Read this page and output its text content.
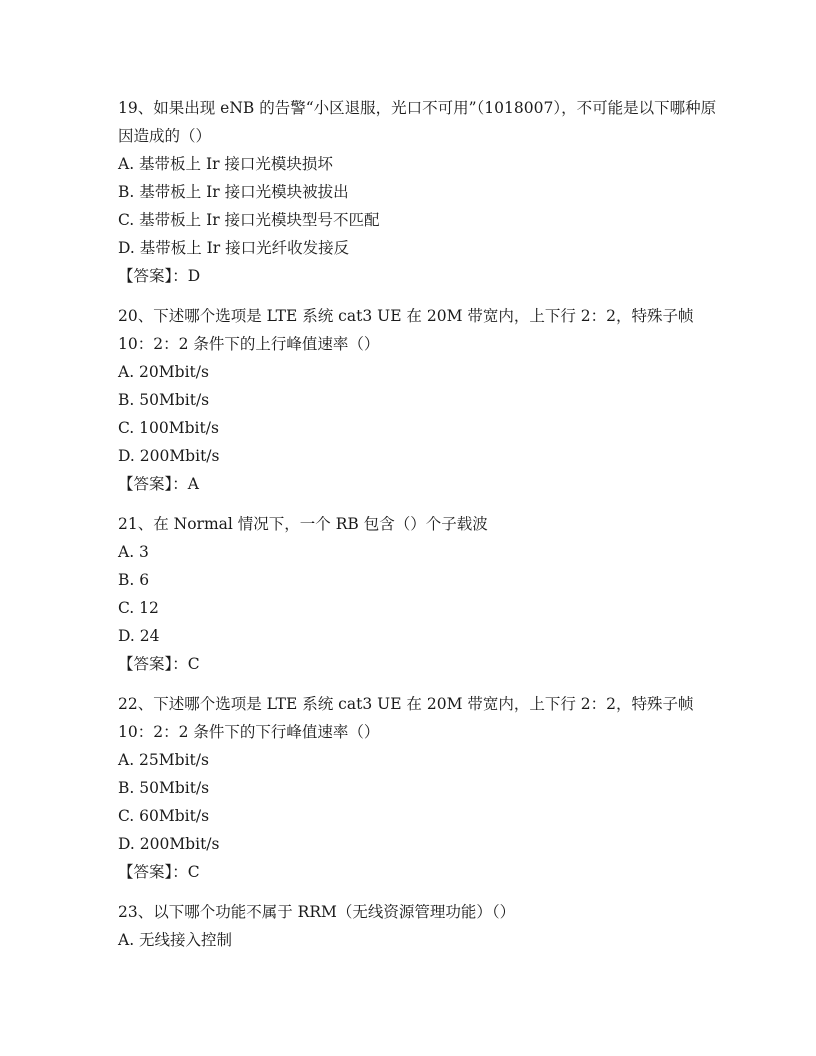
19、如果出现 eNB 的告警“小区退服，光口不可用”（1018007），不可能是以下哪种原因造成的（）

A. 基带板上 Ir 接口光模块损坏

B. 基带板上 Ir 接口光模块被拔出

C. 基带板上 Ir 接口光模块型号不匹配

D. 基带板上 Ir 接口光纤收发接反

【答案】：D

20、下述哪个选项是 LTE 系统 cat3 UE 在 20M 带宽内，上下行 2：2，特殊子帧 10：2：2 条件下的上行峰值速率（）

A. 20Mbit/s

B. 50Mbit/s

C. 100Mbit/s

D. 200Mbit/s

【答案】：A

21、在 Normal 情况下，一个 RB 包含（）个子载波

A. 3

B. 6

C. 12

D. 24

【答案】：C

22、下述哪个选项是 LTE 系统 cat3 UE 在 20M 带宽内，上下行 2：2，特殊子帧 10：2：2 条件下的下行峰值速率（）

A. 25Mbit/s

B. 50Mbit/s

C. 60Mbit/s

D. 200Mbit/s

【答案】：C

23、以下哪个功能不属于 RRM（无线资源管理功能）（）

A. 无线接入控制
